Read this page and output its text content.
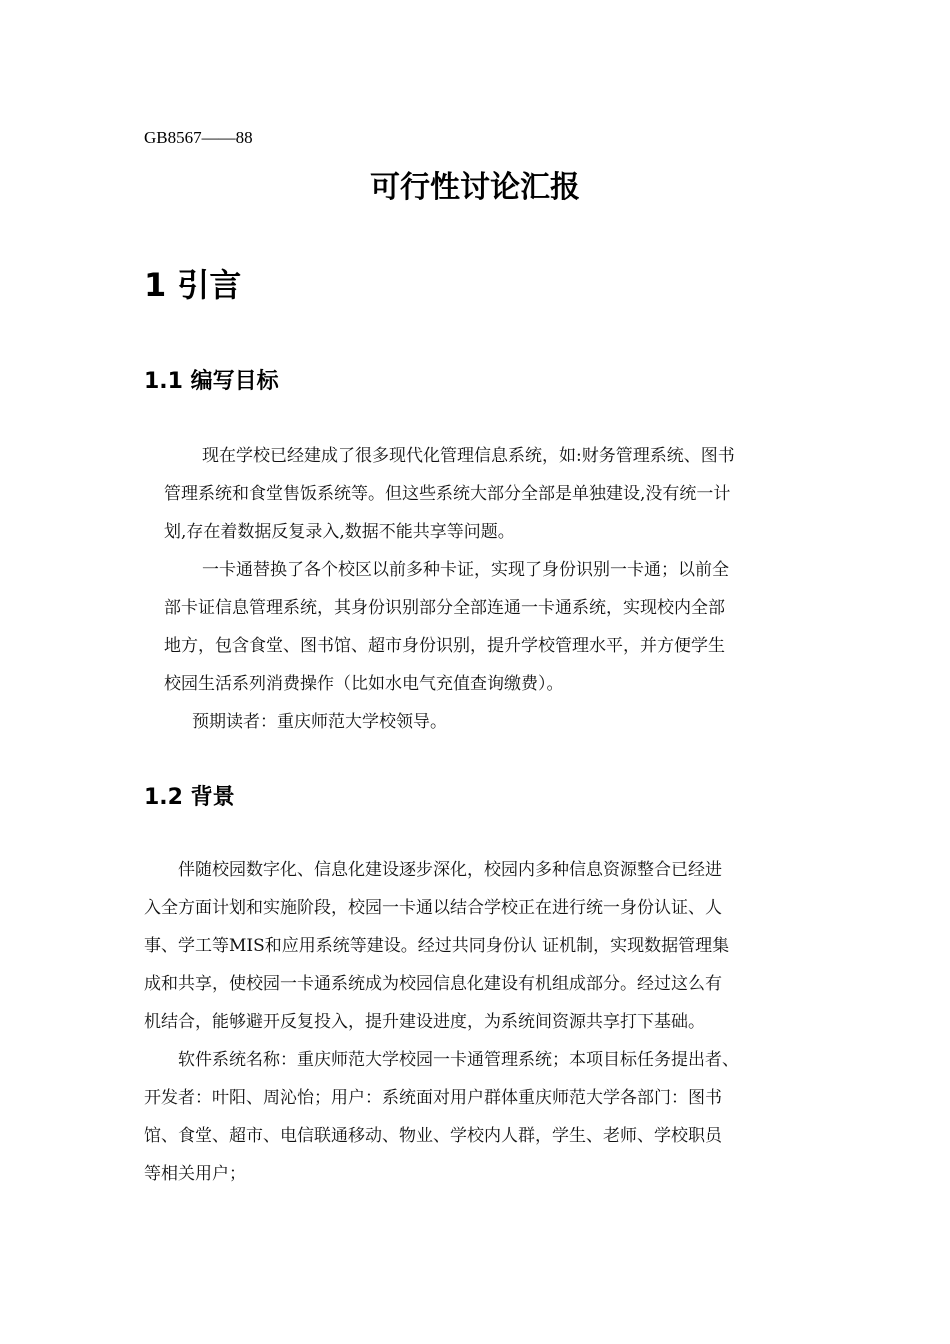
GB8567——88
可行性讨论汇报
1 引言
1.1 编写目标
现在学校已经建成了很多现代化管理信息系统，如:财务管理系统、图书
管理系统和食堂售饭系统等。但这些系统大部分全部是单独建设,没有统一计
划,存在着数据反复录入,数据不能共享等问题。
一卡通替换了各个校区以前多种卡证，实现了身份识别一卡通；以前全
部卡证信息管理系统，其身份识别部分全部连通一卡通系统，实现校内全部
地方，包含食堂、图书馆、超市身份识别，提升学校管理水平，并方便学生
校园生活系列消费操作（比如水电气充值查询缴费）。
预期读者：重庆师范大学校领导。
1.2 背景
伴随校园数字化、信息化建设逐步深化，校园内多种信息资源整合已经进
入全方面计划和实施阶段，校园一卡通以结合学校正在进行统一身份认证、人
事、学工等MIS和应用系统等建设。经过共同身份认 证机制，实现数据管理集
成和共享，使校园一卡通系统成为校园信息化建设有机组成部分。经过这么有
机结合，能够避开反复投入，提升建设进度，为系统间资源共享打下基础。
软件系统名称：重庆师范大学校园一卡通管理系统；本项目标任务提出者、
开发者：叶阳、周沁怡；用户：系统面对用户群体重庆师范大学各部门：图书
馆、食堂、超市、电信联通移动、物业、学校内人群，学生、老师、学校职员
等相关用户；
